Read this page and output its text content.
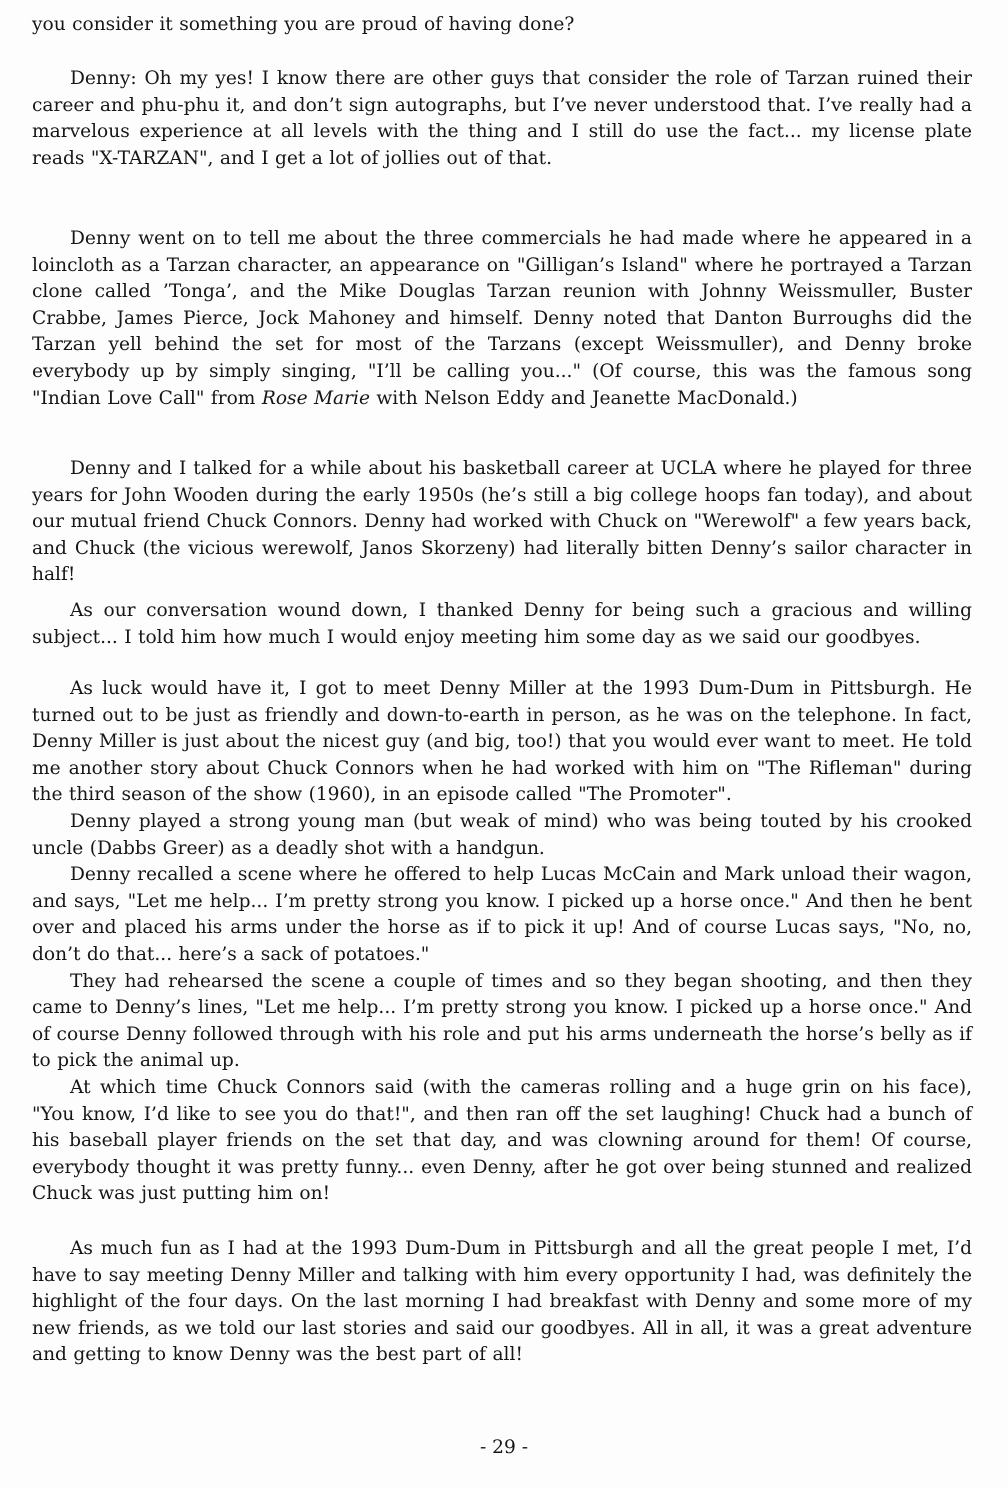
you consider it something you are proud of having done?

Denny: Oh my yes! I know there are other guys that consider the role of Tarzan ruined their career and phu-phu it, and don’t sign autographs, but I’ve never understood that. I’ve really had a marvelous experience at all levels with the thing and I still do use the fact... my license plate reads "X-TARZAN", and I get a lot of jollies out of that.

Denny went on to tell me about the three commercials he had made where he appeared in a loincloth as a Tarzan character, an appearance on "Gilligan’s Island" where he portrayed a Tarzan clone called ’Tonga’, and the Mike Douglas Tarzan reunion with Johnny Weissmuller, Buster Crabbe, James Pierce, Jock Mahoney and himself. Denny noted that Danton Burroughs did the Tarzan yell behind the set for most of the Tarzans (except Weissmuller), and Denny broke everybody up by simply singing, "I’ll be calling you..." (Of course, this was the famous song "Indian Love Call" from Rose Marie with Nelson Eddy and Jeanette MacDonald.)

Denny and I talked for a while about his basketball career at UCLA where he played for three years for John Wooden during the early 1950s (he’s still a big college hoops fan today), and about our mutual friend Chuck Connors. Denny had worked with Chuck on "Werewolf" a few years back, and Chuck (the vicious werewolf, Janos Skorzeny) had literally bitten Denny’s sailor character in half!

As our conversation wound down, I thanked Denny for being such a gracious and willing subject... I told him how much I would enjoy meeting him some day as we said our goodbyes.

As luck would have it, I got to meet Denny Miller at the 1993 Dum-Dum in Pittsburgh. He turned out to be just as friendly and down-to-earth in person, as he was on the telephone. In fact, Denny Miller is just about the nicest guy (and big, too!) that you would ever want to meet. He told me another story about Chuck Connors when he had worked with him on "The Rifleman" during the third season of the show (1960), in an episode called "The Promoter".

Denny played a strong young man (but weak of mind) who was being touted by his crooked uncle (Dabbs Greer) as a deadly shot with a handgun.

Denny recalled a scene where he offered to help Lucas McCain and Mark unload their wagon, and says, "Let me help... I’m pretty strong you know. I picked up a horse once." And then he bent over and placed his arms under the horse as if to pick it up! And of course Lucas says, "No, no, don’t do that... here’s a sack of potatoes."

They had rehearsed the scene a couple of times and so they began shooting, and then they came to Denny’s lines, "Let me help... I’m pretty strong you know. I picked up a horse once." And of course Denny followed through with his role and put his arms underneath the horse’s belly as if to pick the animal up.

At which time Chuck Connors said (with the cameras rolling and a huge grin on his face), "You know, I’d like to see you do that!", and then ran off the set laughing! Chuck had a bunch of his baseball player friends on the set that day, and was clowning around for them! Of course, everybody thought it was pretty funny... even Denny, after he got over being stunned and realized Chuck was just putting him on!

As much fun as I had at the 1993 Dum-Dum in Pittsburgh and all the great people I met, I’d have to say meeting Denny Miller and talking with him every opportunity I had, was definitely the highlight of the four days. On the last morning I had breakfast with Denny and some more of my new friends, as we told our last stories and said our goodbyes. All in all, it was a great adventure and getting to know Denny was the best part of all!

- 29 -
